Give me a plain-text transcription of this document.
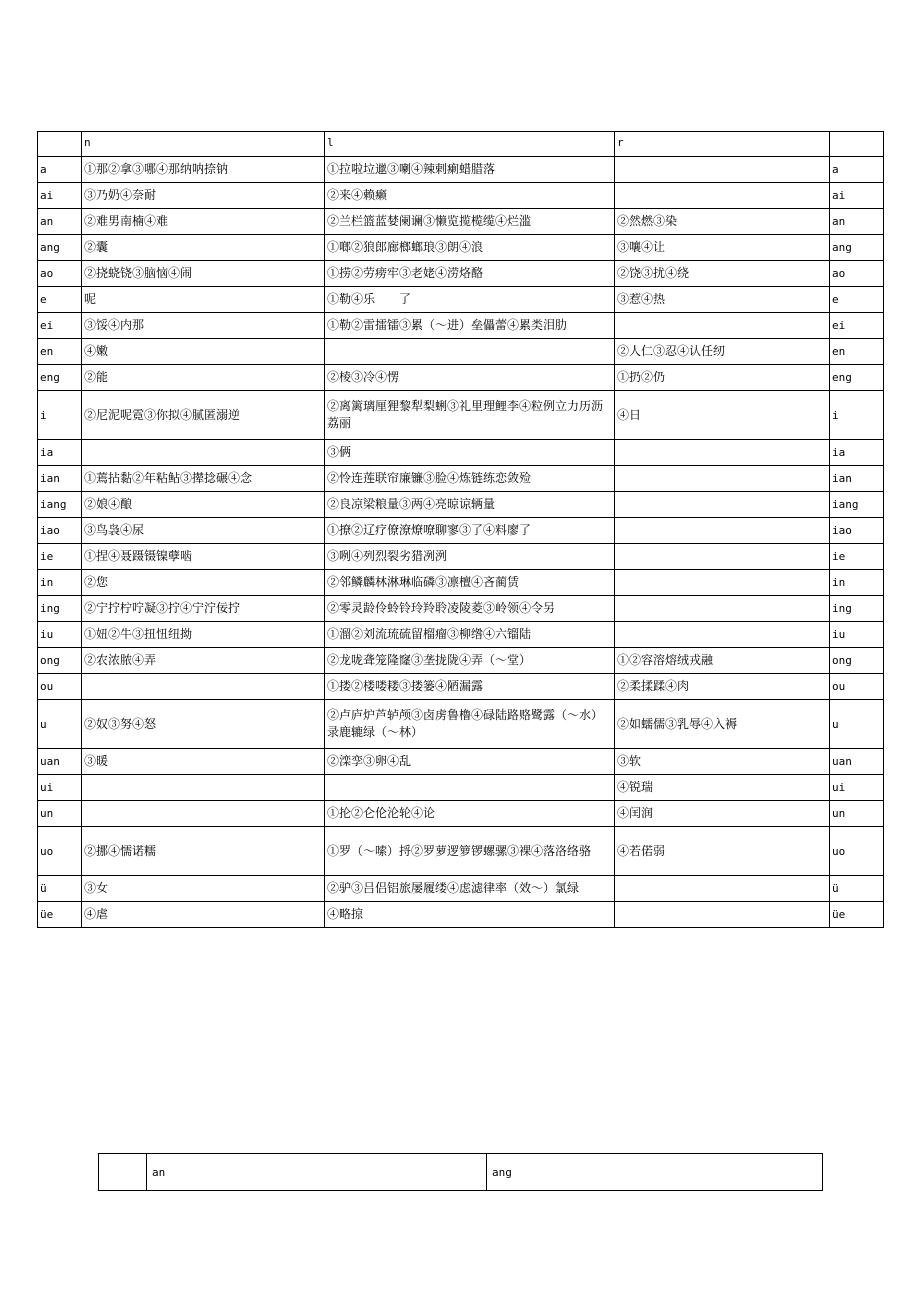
	n	l	r	
a	①那②拿③哪④那纳呐捺钠	①拉啦垃邋③喇④辣剌瘌蜡腊落		a
ai	③乃奶④奈耐	②来④赖癞		ai
an	②难男南楠④难	②兰栏篮蓝婪阑谰③懒览揽榄缆④烂滥	②然燃③染	an
ang	②囊	①啷②狼郎廊榔螂琅③朗④浪	③嚷④让	ang
ao	②挠蛲铙③脑恼④闹	①捞②劳痨牢③老姥④涝烙酪	②饶③扰④绕	ao
e	呢	①勒④乐　　了	③惹④热	e
ei	③馁④内那	①勒②雷擂镭③累（～进）垒儡蕾④累类泪肋		ei
en	④嫩		②人仁③忍④认任纫	en
eng	②能	②棱③冷④愣	①扔②仍	eng
i	②尼泥呢霓③你拟④腻匿溺逆	②离篱璃厘狸黎犁梨蜊③礼里理鲤李④粒例立力历沥荔丽	④日	i
ia		③俩		ia
ian	①蔫拈黏②年粘鲇③撵捻碾④念	②怜连莲联帘廉镰③脸④炼链练恋敛殓		ian
iang	②娘④酿	②良凉梁粮量③两④亮晾谅辆量		iang
iao	③鸟袅④尿	①撩②辽疗僚潦燎嘹聊寥③了④料廖了		iao
ie	①捏④聂蹑镊镍孽啮	③咧④列烈裂劣猎冽洌		ie
in	②您	②邻鳞麟林淋琳临磷③凛檀④吝蔺赁		in
ing	②宁拧柠咛凝③拧④宁泞佞拧	②零灵龄伶蛉铃玲羚聆凌陵菱③岭领④令另		ing
iu	①妞②牛③扭忸纽拗	①溜②刘流琉硫留榴瘤③柳绺④六镏陆		iu
ong	②农浓脓④弄	②龙咙聋笼隆窿③垄拢陇④弄（～堂）	①②容溶熔绒戎融	ong
ou		①搂②楼喽耧③搂篓④陋漏露	②柔揉蹂④肉	ou
u	②奴③努④怒	②卢庐炉芦轳颅③卤虏鲁橹④碌陆路赂鹭露（～水）录鹿辘绿（～林）	②如蠕儒③乳辱④入褥	u
uan	③暖	②滦孪③卵④乱	③软	uan
ui			④锐瑞	ui
un		①抡②仑伦沦轮④论	④闰润	un
uo	②挪④懦诺糯	①罗（～嗦）捋②罗萝逻箩锣螺骡③裸④落洛络骆	④若偌弱	uo
ü	③女	②驴③吕侣铝旅屡履缕④虑滤律率（效～）氯绿		ü
üe	④虐	④略掠		üe
	an	ang
